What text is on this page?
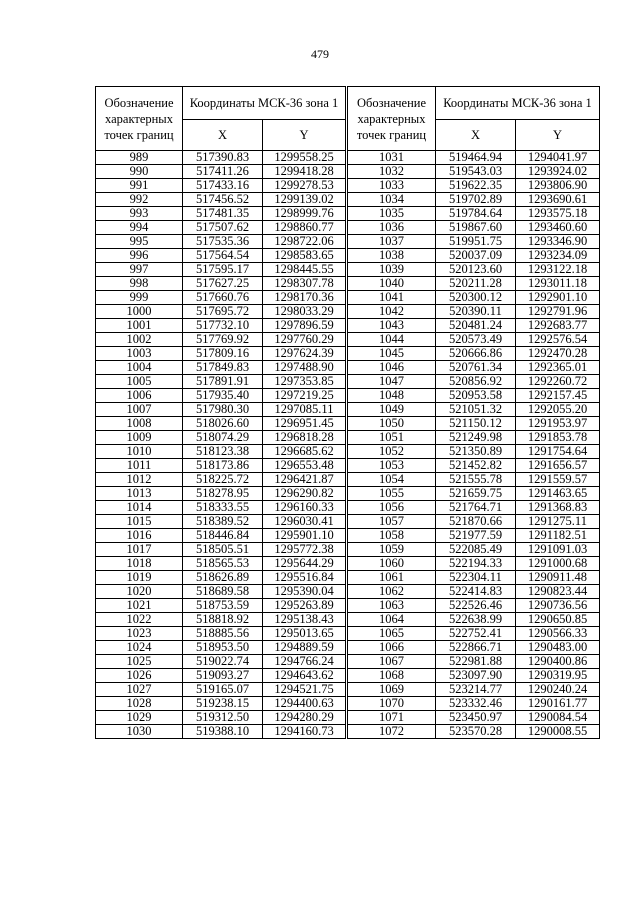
479
Обозначение характерных точек границ	Координаты МСК-36 зона 1	
	X	Y
989	517390.83	1299558.25
990	517411.26	1299418.28
991	517433.16	1299278.53
992	517456.52	1299139.02
993	517481.35	1298999.76
994	517507.62	1298860.77
995	517535.36	1298722.06
996	517564.54	1298583.65
997	517595.17	1298445.55
998	517627.25	1298307.78
999	517660.76	1298170.36
1000	517695.72	1298033.29
1001	517732.10	1297896.59
1002	517769.92	1297760.29
1003	517809.16	1297624.39
1004	517849.83	1297488.90
1005	517891.91	1297353.85
1006	517935.40	1297219.25
1007	517980.30	1297085.11
1008	518026.60	1296951.45
1009	518074.29	1296818.28
1010	518123.38	1296685.62
1011	518173.86	1296553.48
1012	518225.72	1296421.87
1013	518278.95	1296290.82
1014	518333.55	1296160.33
1015	518389.52	1296030.41
1016	518446.84	1295901.10
1017	518505.51	1295772.38
1018	518565.53	1295644.29
1019	518626.89	1295516.84
1020	518689.58	1295390.04
1021	518753.59	1295263.89
1022	518818.92	1295138.43
1023	518885.56	1295013.65
1024	518953.50	1294889.59
1025	519022.74	1294766.24
1026	519093.27	1294643.62
1027	519165.07	1294521.75
1028	519238.15	1294400.63
1029	519312.50	1294280.29
1030	519388.10	1294160.73
Обозначение характерных точек границ	Координаты МСК-36 зона 1	
	X	Y
1031	519464.94	1294041.97
1032	519543.03	1293924.02
1033	519622.35	1293806.90
1034	519702.89	1293690.61
1035	519784.64	1293575.18
1036	519867.60	1293460.60
1037	519951.75	1293346.90
1038	520037.09	1293234.09
1039	520123.60	1293122.18
1040	520211.28	1293011.18
1041	520300.12	1292901.10
1042	520390.11	1292791.96
1043	520481.24	1292683.77
1044	520573.49	1292576.54
1045	520666.86	1292470.28
1046	520761.34	1292365.01
1047	520856.92	1292260.72
1048	520953.58	1292157.45
1049	521051.32	1292055.20
1050	521150.12	1291953.97
1051	521249.98	1291853.78
1052	521350.89	1291754.64
1053	521452.82	1291656.57
1054	521555.78	1291559.57
1055	521659.75	1291463.65
1056	521764.71	1291368.83
1057	521870.66	1291275.11
1058	521977.59	1291182.51
1059	522085.49	1291091.03
1060	522194.33	1291000.68
1061	522304.11	1290911.48
1062	522414.83	1290823.44
1063	522526.46	1290736.56
1064	522638.99	1290650.85
1065	522752.41	1290566.33
1066	522866.71	1290483.00
1067	522981.88	1290400.86
1068	523097.90	1290319.95
1069	523214.77	1290240.24
1070	523332.46	1290161.77
1071	523450.97	1290084.54
1072	523570.28	1290008.55
